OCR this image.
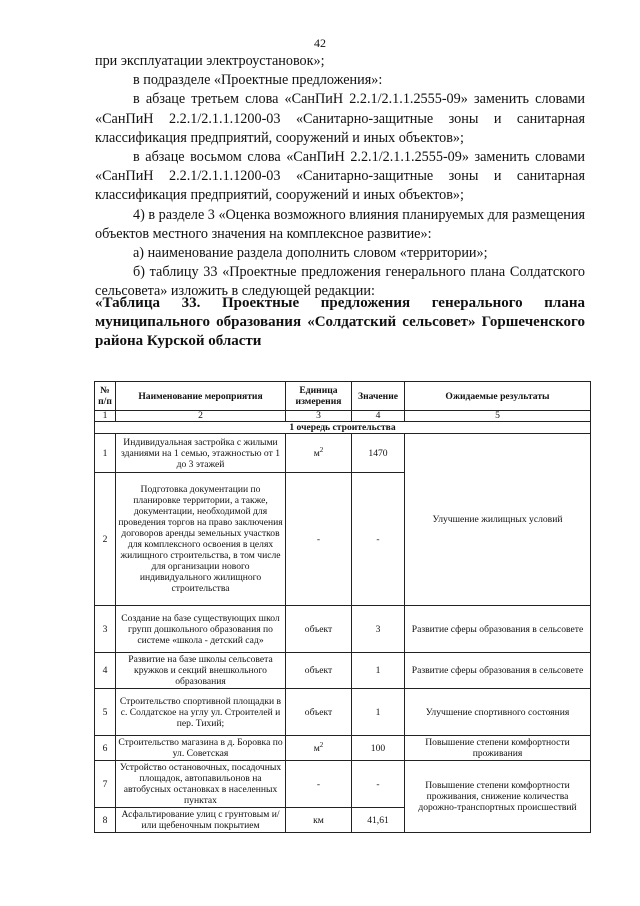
42

при эксплуатации электроустановок»;

в подразделе «Проектные предложения»:

в абзаце третьем слова «СанПиН 2.2.1/2.1.1.2555-09» заменить словами «СанПиН 2.2.1/2.1.1.1200-03 «Санитарно-защитные зоны и санитарная классификация предприятий, сооружений и иных объектов»;

в абзаце восьмом слова «СанПиН 2.2.1/2.1.1.2555-09» заменить словами «СанПиН 2.2.1/2.1.1.1200-03 «Санитарно-защитные зоны и санитарная классификация предприятий, сооружений и иных объектов»;

4) в разделе 3 «Оценка возможного влияния планируемых для размещения объектов местного значения на комплексное развитие»:

а) наименование раздела дополнить словом «территории»;

б) таблицу 33 «Проектные предложения генерального плана Солдатского сельсовета» изложить в следующей редакции:

«Таблица 33. Проектные предложения генерального плана муниципального образования «Солдатский сельсовет» Горшеченского района Курской области
№ п/п	Наименование мероприятия	Единица измерения	Значение	Ожидаемые результаты
1	2	3	4	5
1 очередь строительства				
1	Индивидуальная застройка с жилыми зданиями на 1 семью, этажностью от 1 до 3 этажей	$м^2$	1470	Улучшение жилищных условий
2	Подготовка документации по планировке территории, а также, документации, необходимой для проведения торгов на право заключения договоров аренды земельных участков для комплексного освоения в целях жилищного строительства, в том числе для организации нового индивидуального жилищного строительства	-	-	
3	Создание на базе существующих школ групп дошкольного образования по системе «школа - детский сад»	объект	3	Развитие сферы образования в сельсовете
4	Развитие на базе школы сельсовета кружков и секций внешкольного образования	объект	1	Развитие сферы образования в сельсовете
5	Строительство спортивной площадки в с. Солдатское на углу ул. Строителей и пер. Тихий;	объект	1	Улучшение спортивного состояния
6	Строительство магазина в д. Боровка по ул. Советская	$м^2$	100	Повышение степени комфортности проживания
7	Устройство остановочных, посадочных площадок, автопавильонов на автобусных остановках в населенных пунктах	-	-	Повышение степени комфортности проживания, снижение количества дорожно-транспортных происшествий
8	Асфальтирование улиц с грунтовым и/или щебеночным покрытием	км	41,61	
